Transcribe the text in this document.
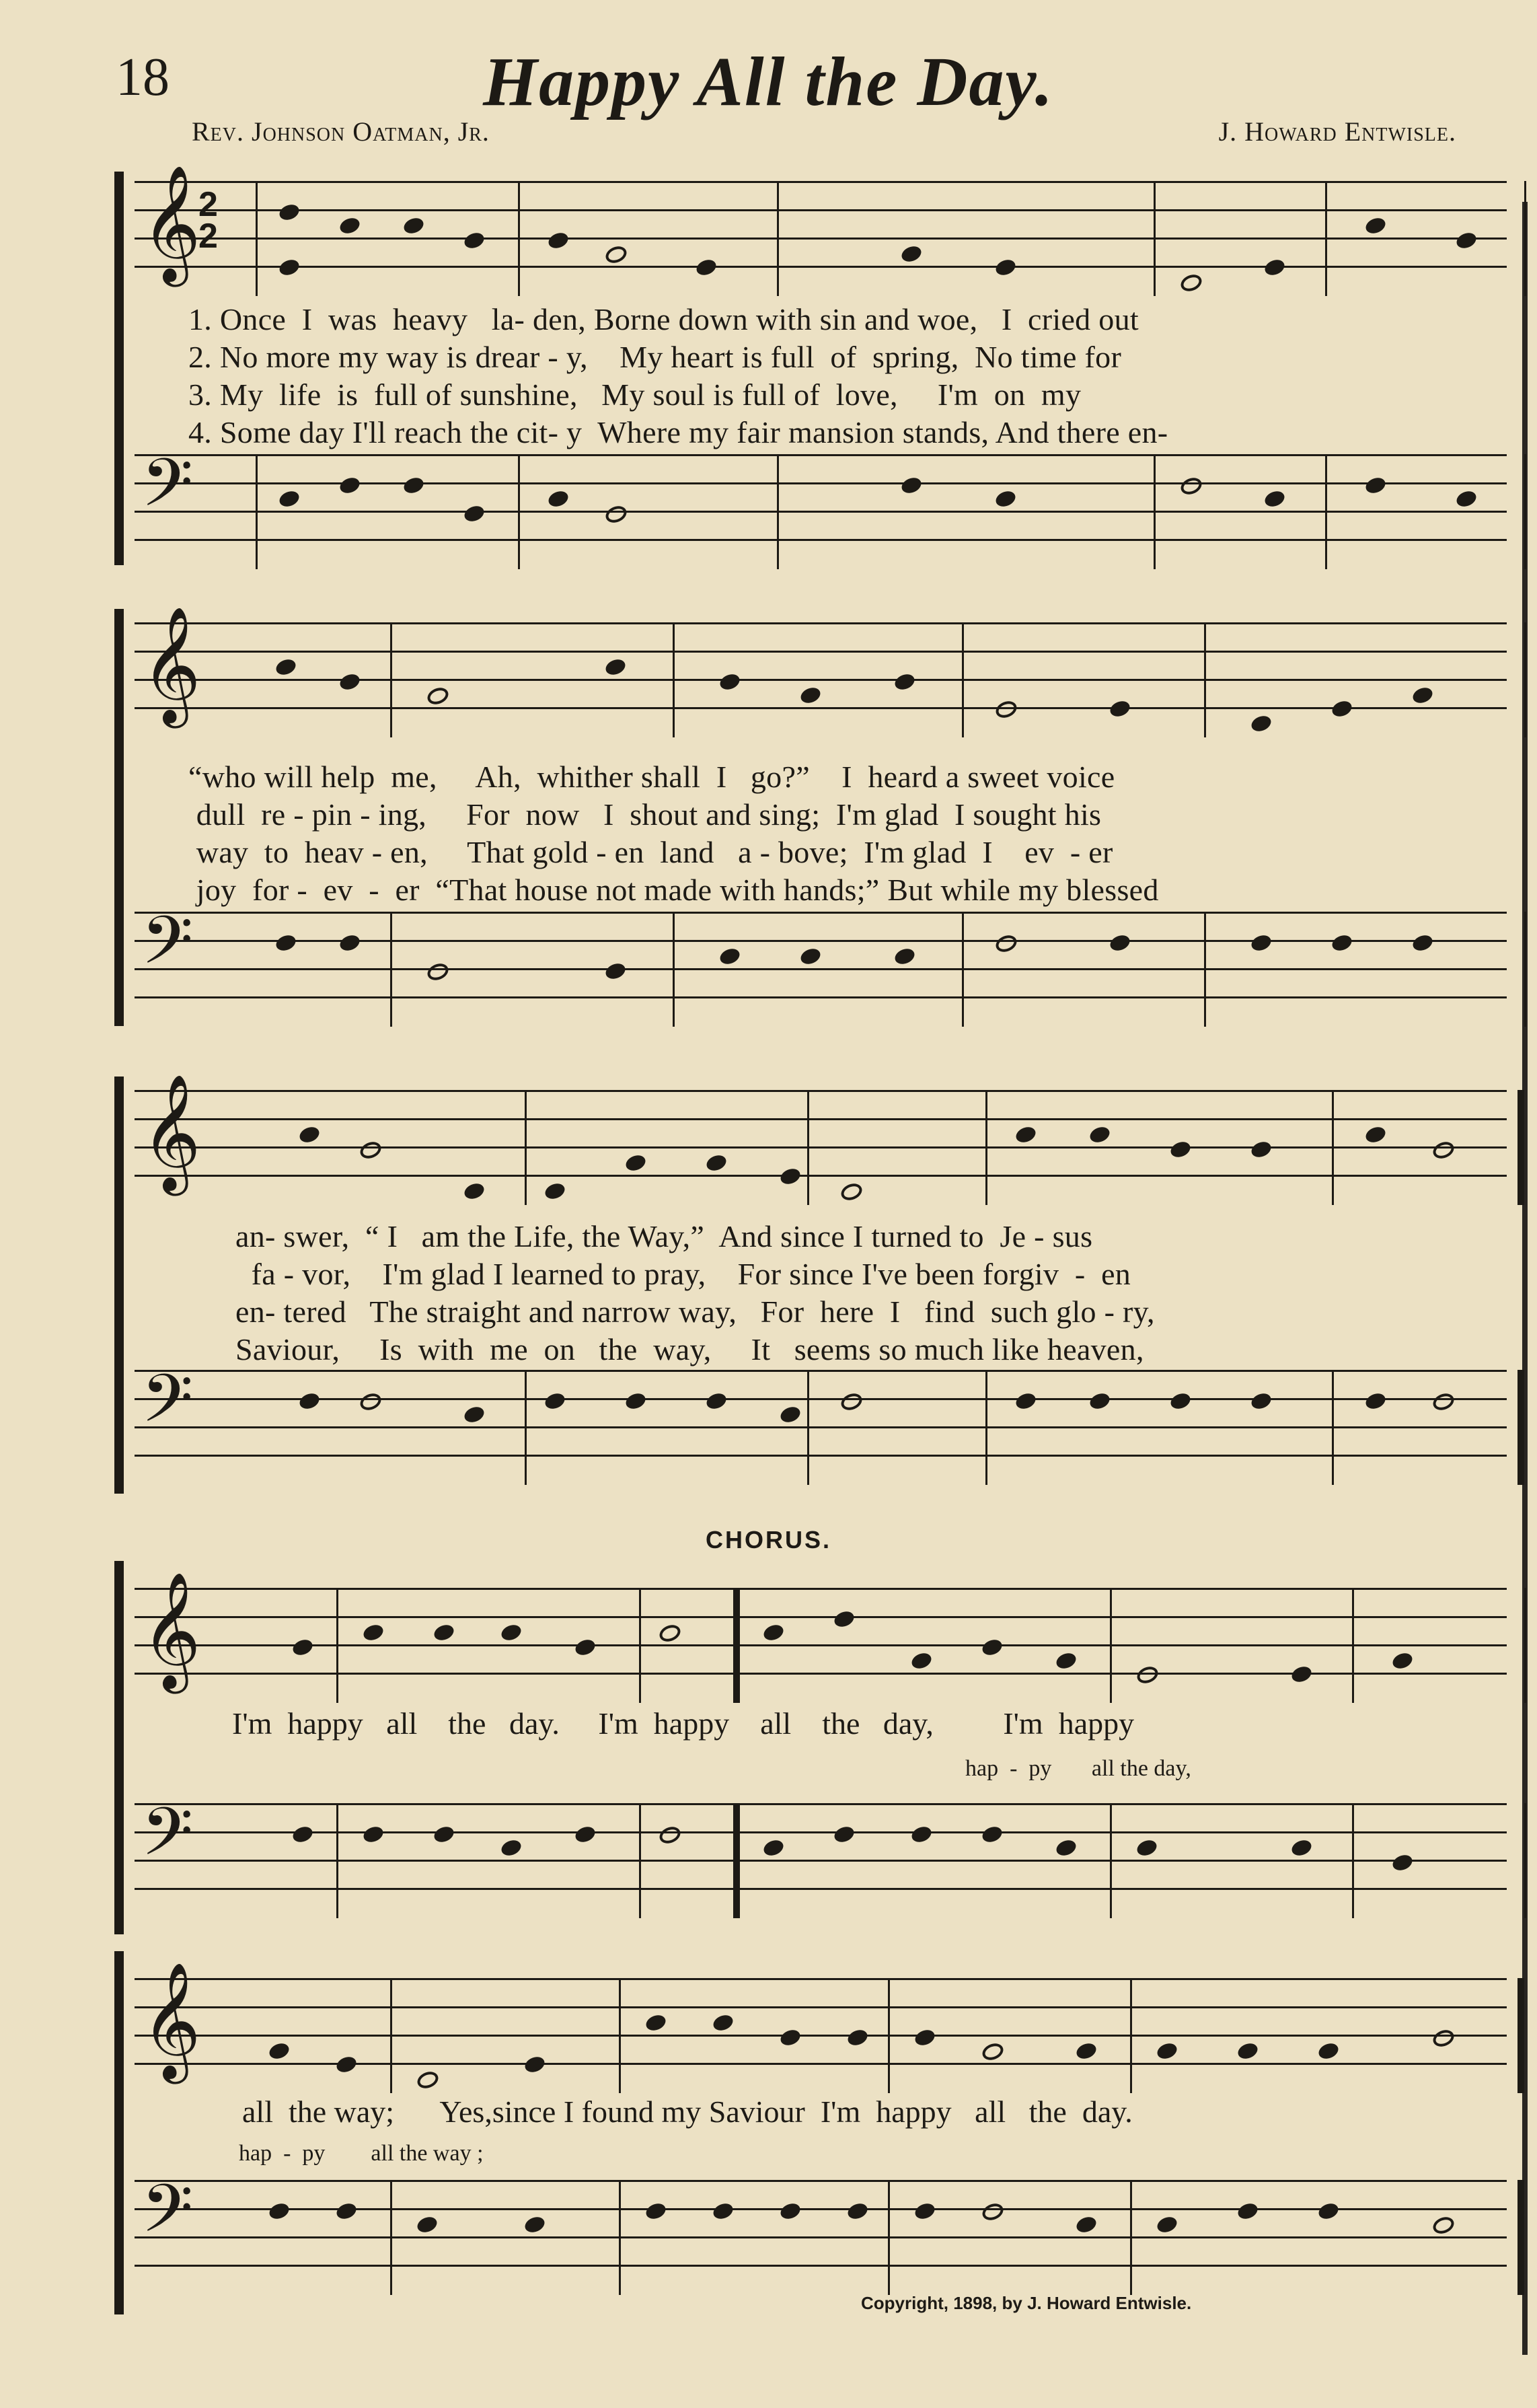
18	Happy All the Day.
Rev. Johnson Oatman, Jr.	J. Howard Entwisle.
𝄞
2
2
1. Once  I  was  heavy   la- den, Borne down with sin and woe,   I  cried out
2. No more my way is drear - y,    My heart is full  of  spring,  No time for
3. My  life  is  full of sunshine,   My soul is full of  love,     I'm  on  my
4. Some day I'll reach the cit- y  Where my fair mansion stands, And there en-
𝄢
𝄞
“who will help  me,     Ah,  whither shall  I   go?”    I  heard a sweet voice
dull  re - pin - ing,     For  now   I  shout and sing;  I'm glad  I sought his
way  to  heav - en,     That gold - en  land   a - bove;  I'm glad  I    ev  - er
joy  for -  ev  -  er  “That house not made with hands;” But while my blessed
𝄢
𝄞
an- swer,  “ I   am the Life, the Way,”  And since I turned to  Je - sus
fa - vor,    I'm glad I learned to pray,    For since I've been forgiv  -  en
en- tered   The straight and narrow way,   For  here  I   find  such glo - ry,
Saviour,     Is  with  me  on   the  way,     It   seems so much like heaven,
𝄢
CHORUS.
𝄞
I'm  happy   all    the   day.     I'm  happy    all    the   day,         I'm  happy
hap  -  py       all the day,
𝄢
𝄞
all  the way;      Yes,since I found my Saviour  I'm  happy   all   the  day.
hap  -  py        all the way ;
𝄢
Copyright, 1898, by J. Howard Entwisle.
